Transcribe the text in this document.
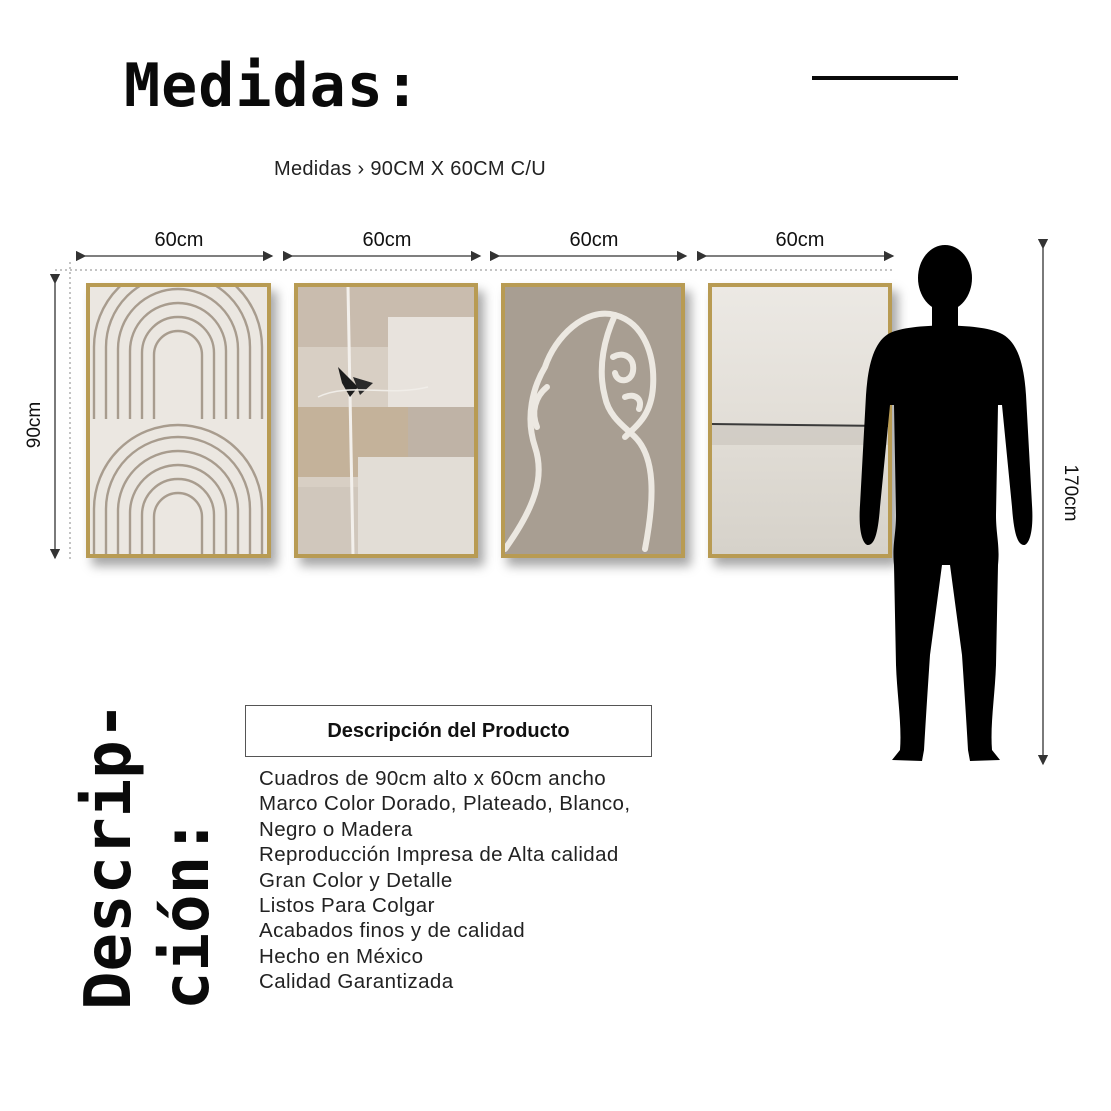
Medidas:
Medidas › 90CM X 60CM C/U
60cm	60cm	60cm	60cm
90cm
170cm
Descrip-
ción:
Descripción del Producto
Cuadros de 90cm alto x 60cm ancho
Marco Color Dorado, Plateado, Blanco,
Negro o Madera
Reproducción Impresa de Alta calidad
Gran Color y Detalle
Listos Para Colgar
Acabados finos y de calidad
Hecho en México
Calidad Garantizada
